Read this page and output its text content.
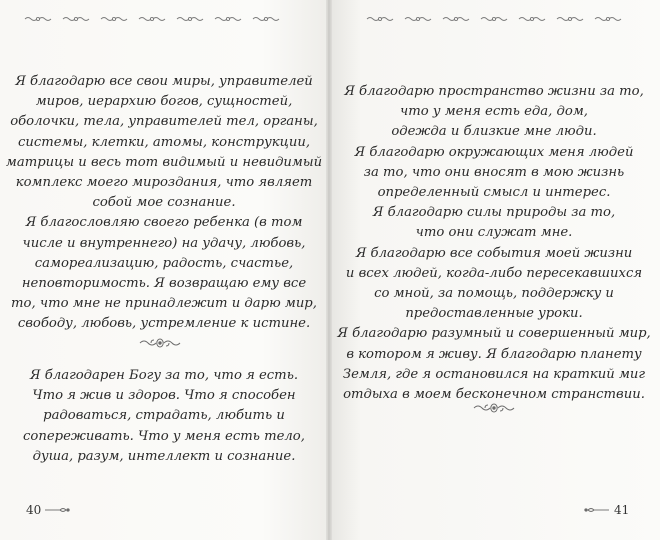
Я благодарю все свои миры, управителей

миров, иерархию богов, сущностей,

оболочки, тела, управителей тел, органы,

системы, клетки, атомы, конструкции,

матрицы и весь тот видимый и невидимый

комплекс моего мироздания, что являет

собой мое сознание.

Я благословляю своего ребенка (в том

числе и внутреннего) на удачу, любовь,

самореализацию, радость, счастье,

неповторимость. Я возвращаю ему все

то, что мне не принадлежит и дарю мир,

свободу, любовь, устремление к истине.

Я благодарен Богу за то, что я есть.

Что я жив и здоров. Что я способен

радоваться, страдать, любить и

сопереживать. Что у меня есть тело,

душа, разум, интеллект и сознание.

40

Я благодарю пространство жизни за то,

что у меня есть еда, дом,

одежда и близкие мне люди.

Я благодарю окружающих меня людей

за то, что они вносят в мою жизнь

определенный смысл и интерес.

Я благодарю силы природы за то,

что они служат мне.

Я благодарю все события моей жизни

и всех людей, когда-либо пересекавшихся

со мной, за помощь, поддержку и

предоставленные уроки.

Я благодарю разумный и совершенный мир,

в котором я живу. Я благодарю планету

Земля, где я остановился на краткий миг

отдыха в моем бесконечном странствии.

41
